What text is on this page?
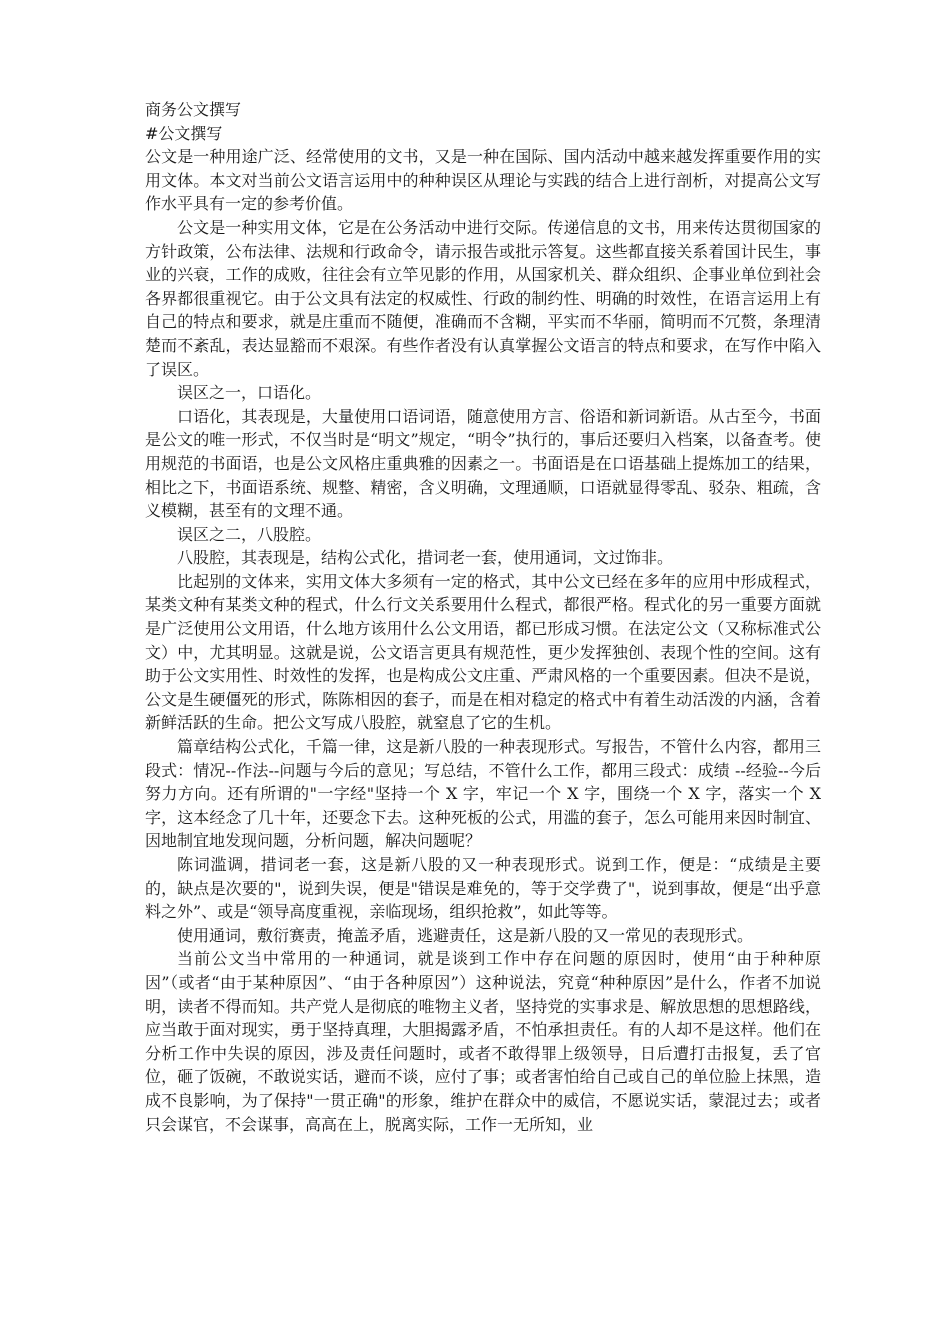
商务公文撰写

#公文撰写

公文是一种用途广泛、经常使用的文书，又是一种在国际、国内活动中越来越发挥重要作用的实用文体。本文对当前公文语言运用中的种种误区从理论与实践的结合上进行剖析，对提高公文写作水平具有一定的参考价值。

公文是一种实用文体，它是在公务活动中进行交际。传递信息的文书，用来传达贯彻国家的方针政策，公布法律、法规和行政命令，请示报告或批示答复。这些都直接关系着国计民生，事业的兴衰，工作的成败，往往会有立竿见影的作用，从国家机关、群众组织、企事业单位到社会各界都很重视它。由于公文具有法定的权威性、行政的制约性、明确的时效性，在语言运用上有自己的特点和要求，就是庄重而不随便，准确而不含糊，平实而不华丽，简明而不冗赘，条理清楚而不紊乱，表达显豁而不艰深。有些作者没有认真掌握公文语言的特点和要求，在写作中陷入了误区。

误区之一，口语化。

口语化，其表现是，大量使用口语词语，随意使用方言、俗语和新词新语。从古至今，书面是公文的唯一形式，不仅当时是“明文”规定，“明令”执行的，事后还要归入档案，以备查考。使用规范的书面语，也是公文风格庄重典雅的因素之一。书面语是在口语基础上提炼加工的结果，相比之下，书面语系统、规整、精密，含义明确，文理通顺，口语就显得零乱、驳杂、粗疏，含义模糊，甚至有的文理不通。

误区之二，八股腔。

八股腔，其表现是，结构公式化，措词老一套，使用通词，文过饰非。

比起别的文体来，实用文体大多须有一定的格式，其中公文已经在多年的应用中形成程式，某类文种有某类文种的程式，什么行文关系要用什么程式，都很严格。程式化的另一重要方面就是广泛使用公文用语，什么地方该用什么公文用语，都已形成习惯。在法定公文（又称标准式公文）中，尤其明显。这就是说，公文语言更具有规范性，更少发挥独创、表现个性的空间。这有助于公文实用性、时效性的发挥，也是构成公文庄重、严肃风格的一个重要因素。但决不是说，公文是生硬僵死的形式，陈陈相因的套子，而是在相对稳定的格式中有着生动活泼的内涵，含着新鲜活跃的生命。把公文写成八股腔，就窒息了它的生机。

篇章结构公式化，千篇一律，这是新八股的一种表现形式。写报告，不管什么内容，都用三段式：情况--作法--问题与今后的意见；写总结，不管什么工作，都用三段式：成绩 --经验--今后努力方向。还有所谓的"一字经"坚持一个 X 字，牢记一个 X 字，围绕一个 X 字，落实一个 X 字，这本经念了几十年，还要念下去。这种死板的公式，用滥的套子，怎么可能用来因时制宜、因地制宜地发现问题，分析问题，解决问题呢？

陈词滥调，措词老一套，这是新八股的又一种表现形式。说到工作，便是：“成绩是主要的，缺点是次要的"，说到失误，便是"错误是难免的，等于交学费了"，说到事故，便是“出乎意料之外”、或是“领导高度重视，亲临现场，组织抢救”，如此等等。

使用通词，敷衍赛责，掩盖矛盾，逃避责任，这是新八股的又一常见的表现形式。

当前公文当中常用的一种通词，就是谈到工作中存在问题的原因时，使用“由于种种原因”（或者“由于某种原因”、“由于各种原因”）这种说法，究竟“种种原因”是什么，作者不加说明，读者不得而知。共产党人是彻底的唯物主义者，坚持党的实事求是、解放思想的思想路线，应当敢于面对现实，勇于坚持真理，大胆揭露矛盾，不怕承担责任。有的人却不是这样。他们在分析工作中失误的原因，涉及责任问题时，或者不敢得罪上级领导，日后遭打击报复，丢了官位，砸了饭碗，不敢说实话，避而不谈，应付了事；或者害怕给自己或自己的单位脸上抹黑，造成不良影响，为了保持"一贯正确"的形象，维护在群众中的威信，不愿说实话，蒙混过去；或者只会谋官，不会谋事，高高在上，脱离实际，工作一无所知，业
